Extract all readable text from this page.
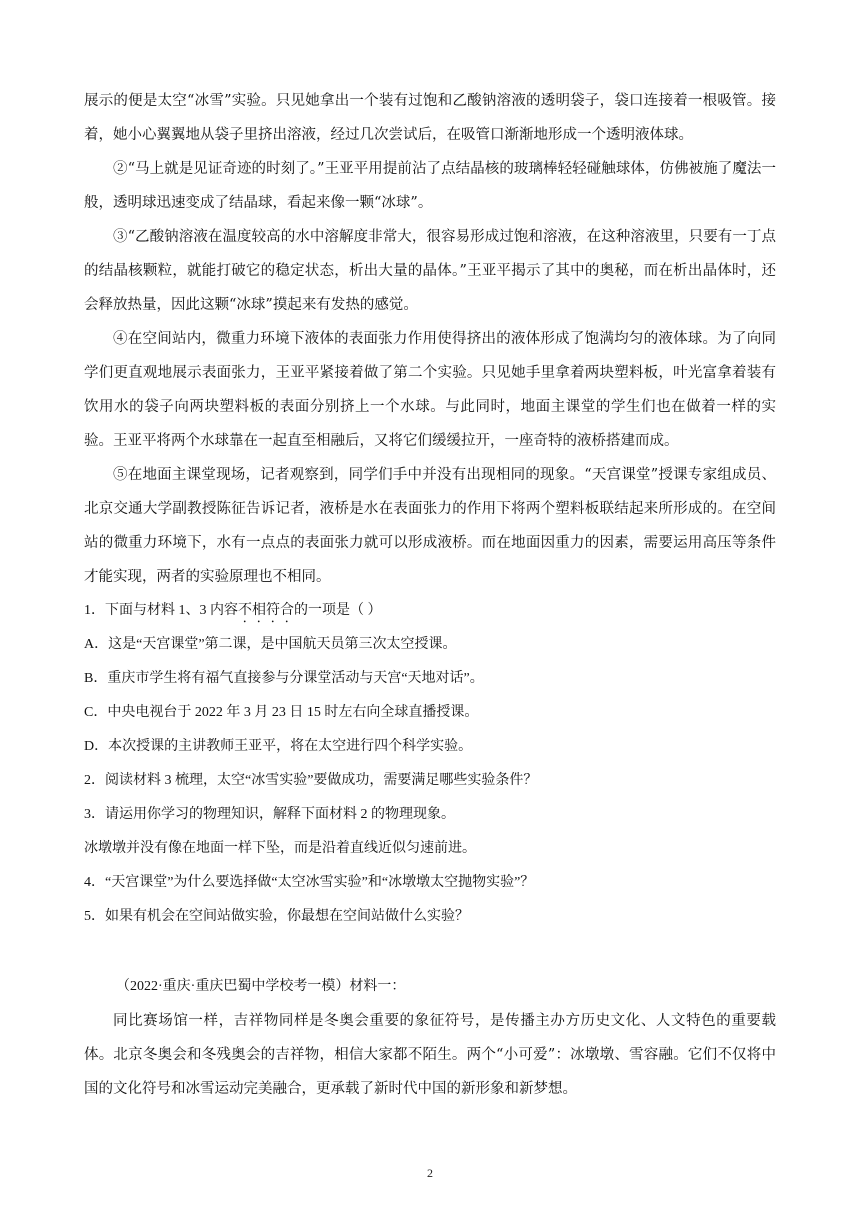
展示的便是太空“冰雪”实验。只见她拿出一个装有过饱和乙酸钠溶液的透明袋子，袋口连接着一根吸管。接着，她小心翼翼地从袋子里挤出溶液，经过几次尝试后，在吸管口渐渐地形成一个透明液体球。

②“马上就是见证奇迹的时刻了。”王亚平用提前沾了点结晶核的玻璃棒轻轻碰触球体，仿佛被施了魔法一般，透明球迅速变成了结晶球，看起来像一颗“冰球”。

③“乙酸钠溶液在温度较高的水中溶解度非常大，很容易形成过饱和溶液，在这种溶液里，只要有一丁点的结晶核颗粒，就能打破它的稳定状态，析出大量的晶体。”王亚平揭示了其中的奥秘，而在析出晶体时，还会释放热量，因此这颗“冰球”摸起来有发热的感觉。

④在空间站内，微重力环境下液体的表面张力作用使得挤出的液体形成了饱满均匀的液体球。为了向同学们更直观地展示表面张力，王亚平紧接着做了第二个实验。只见她手里拿着两块塑料板，叶光富拿着装有饮用水的袋子向两块塑料板的表面分别挤上一个水球。与此同时，地面主课堂的学生们也在做着一样的实验。王亚平将两个水球靠在一起直至相融后，又将它们缓缓拉开，一座奇特的液桥搭建而成。

⑤在地面主课堂现场，记者观察到，同学们手中并没有出现相同的现象。“天宫课堂”授课专家组成员、北京交通大学副教授陈征告诉记者，液桥是水在表面张力的作用下将两个塑料板联结起来所形成的。在空间站的微重力环境下，水有一点点的表面张力就可以形成液桥。而在地面因重力的因素，需要运用高压等条件才能实现，两者的实验原理也不相同。

1．下面与材料 1、3 内容不相符合的一项是（ ）

A．这是“天宫课堂”第二课，是中国航天员第三次太空授课。

B．重庆市学生将有福气直接参与分课堂活动与天宫“天地对话”。

C．中央电视台于 2022 年 3 月 23 日 15 时左右向全球直播授课。

D．本次授课的主讲教师王亚平，将在太空进行四个科学实验。

2．阅读材料 3 梳理，太空“冰雪实验”要做成功，需要满足哪些实验条件？

3．请运用你学习的物理知识，解释下面材料 2 的物理现象。

冰墩墩并没有像在地面一样下坠，而是沿着直线近似匀速前进。

4．“天宫课堂”为什么要选择做“太空冰雪实验”和“冰墩墩太空抛物实验”？

5．如果有机会在空间站做实验，你最想在空间站做什么实验？

（2022·重庆·重庆巴蜀中学校考一模）材料一：

同比赛场馆一样，吉祥物同样是冬奥会重要的象征符号，是传播主办方历史文化、人文特色的重要载体。北京冬奥会和冬残奥会的吉祥物，相信大家都不陌生。两个“小可爱”：冰墩墩、雪容融。它们不仅将中国的文化符号和冰雪运动完美融合，更承载了新时代中国的新形象和新梦想。

2
